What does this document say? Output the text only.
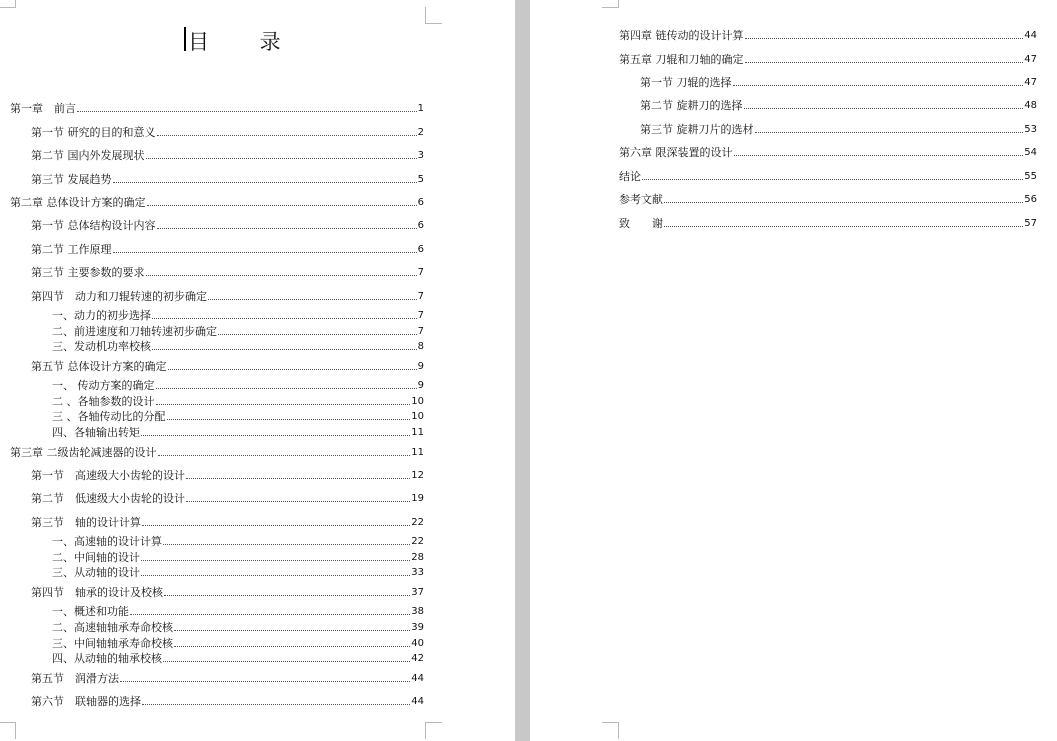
目 录
第一章　前言	1
第一节 研究的目的和意义	2
第二节 国内外发展现状	3
第三节 发展趋势	5
第二章 总体设计方案的确定	6
第一节 总体结构设计内容	6
第二节 工作原理	6
第三节 主要参数的要求	7
第四节　动力和刀辊转速的初步确定	7
一、动力的初步选择	7
二、前进速度和刀轴转速初步确定	7
三、发动机功率校核	8
第五节 总体设计方案的确定	9
一、 传动方案的确定	9
二 、各轴参数的设计	10
三 、各轴传动比的分配	10
四、各轴输出转矩	11
第三章 二级齿轮减速器的设计	11
第一节　高速级大小齿轮的设计	12
第二节　低速级大小齿轮的设计	19
第三节　轴的设计计算	22
一、高速轴的设计计算	22
二、中间轴的设计	28
三、从动轴的设计	33
第四节　轴承的设计及校核	37
一、概述和功能	38
二、高速轴轴承寿命校核	39
三、中间轴轴承寿命校核	40
四、从动轴的轴承校核	42
第五节　润滑方法	44
第六节　联轴器的选择	44
第四章 链传动的设计计算	44
第五章 刀辊和刀轴的确定	47
第一节 刀辊的选择	47
第二节 旋耕刀的选择	48
第三节 旋耕刀片的选材	53
第六章 限深装置的设计	54
结论	55
参考文献	56
致　　谢	57
